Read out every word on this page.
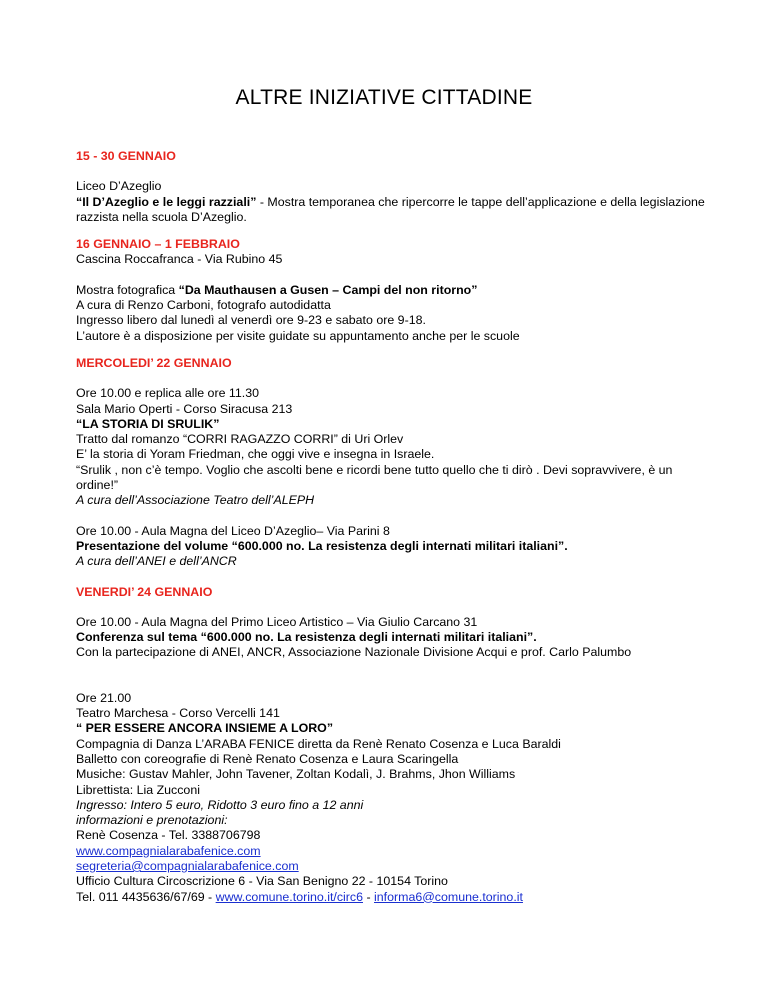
ALTRE INIZIATIVE CITTADINE
15 - 30 GENNAIO
Liceo D’Azeglio
“Il D’Azeglio e le leggi razziali” - Mostra temporanea che ripercorre le tappe dell’applicazione e della legislazione razzista nella scuola D’Azeglio.
16 GENNAIO – 1 FEBBRAIO
Cascina Roccafranca - Via Rubino 45
Mostra fotografica “Da Mauthausen a Gusen – Campi del non ritorno”
A cura di Renzo Carboni, fotografo autodidatta
Ingresso libero dal lunedì al venerdì ore 9-23 e sabato ore 9-18.
L’autore è a disposizione per visite guidate su appuntamento anche per le scuole
MERCOLEDI’ 22 GENNAIO
Ore 10.00 e replica alle ore 11.30
Sala Mario Operti - Corso Siracusa 213
“LA STORIA DI SRULIK”
Tratto dal romanzo “CORRI RAGAZZO CORRI” di Uri Orlev
E’ la storia di Yoram Friedman, che oggi vive e insegna in Israele.
“Srulik , non c’è tempo. Voglio che ascolti bene e ricordi bene tutto quello che ti dirò . Devi sopravvivere, è un ordine!”
A cura dell’Associazione Teatro dell’ALEPH
Ore 10.00 - Aula Magna del Liceo D’Azeglio– Via Parini 8
Presentazione del volume “600.000 no. La resistenza degli internati militari italiani”.
A cura dell’ANEI e dell’ANCR
VENERDI’ 24 GENNAIO
Ore 10.00 - Aula Magna del Primo Liceo Artistico – Via Giulio Carcano 31
Conferenza sul tema “600.000 no. La resistenza degli internati militari italiani”.
Con la partecipazione di ANEI, ANCR, Associazione Nazionale Divisione Acqui e prof. Carlo Palumbo
Ore 21.00
Teatro Marchesa - Corso Vercelli 141
“ PER ESSERE ANCORA INSIEME A LORO”
Compagnia di Danza L’ARABA FENICE diretta da Renè Renato Cosenza e Luca Baraldi
Balletto con coreografie di Renè Renato Cosenza e Laura Scaringella
Musiche: Gustav Mahler, John Tavener, Zoltan Kodalì, J. Brahms, Jhon Williams
Librettista: Lia Zucconi
Ingresso: Intero 5 euro, Ridotto 3 euro fino a 12 anni
informazioni e prenotazioni:
Renè Cosenza - Tel. 3388706798
www.compagnialarabafenice.com
segreteria@compagnialarabafenice.com
Ufficio Cultura Circoscrizione 6 - Via San Benigno 22 - 10154 Torino
Tel. 011 4435636/67/69 - www.comune.torino.it/circ6 - informa6@comune.torino.it
